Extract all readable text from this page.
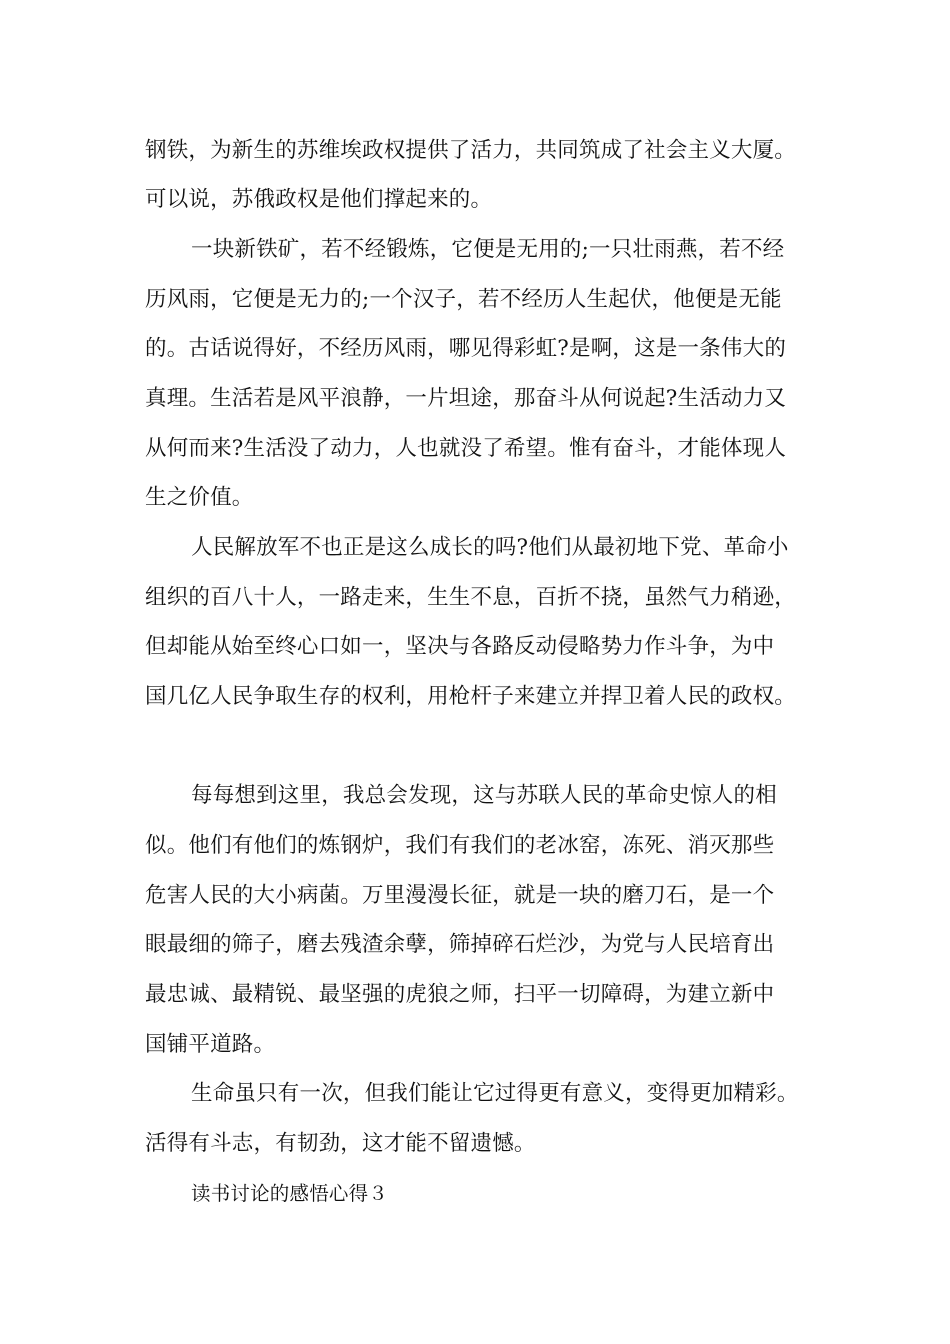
钢铁，为新生的苏维埃政权提供了活力，共同筑成了社会主义大厦。
可以说，苏俄政权是他们撑起来的。
一块新铁矿，若不经锻炼，它便是无用的;一只壮雨燕，若不经
历风雨，它便是无力的;一个汉子，若不经历人生起伏，他便是无能
的。古话说得好，不经历风雨，哪见得彩虹?是啊，这是一条伟大的
真理。生活若是风平浪静，一片坦途，那奋斗从何说起?生活动力又
从何而来?生活没了动力，人也就没了希望。惟有奋斗，才能体现人
生之价值。
人民解放军不也正是这么成长的吗?他们从最初地下党、革命小
组织的百八十人，一路走来，生生不息，百折不挠，虽然气力稍逊，
但却能从始至终心口如一，坚决与各路反动侵略势力作斗争，为中
国几亿人民争取生存的权利，用枪杆子来建立并捍卫着人民的政权。
每每想到这里，我总会发现，这与苏联人民的革命史惊人的相
似。他们有他们的炼钢炉，我们有我们的老冰窑，冻死、消灭那些
危害人民的大小病菌。万里漫漫长征，就是一块的磨刀石，是一个
眼最细的筛子，磨去残渣余孽，筛掉碎石烂沙，为党与人民培育出
最忠诚、最精锐、最坚强的虎狼之师，扫平一切障碍，为建立新中
国铺平道路。
生命虽只有一次，但我们能让它过得更有意义，变得更加精彩。
活得有斗志，有韧劲，这才能不留遗憾。
读书讨论的感悟心得３
